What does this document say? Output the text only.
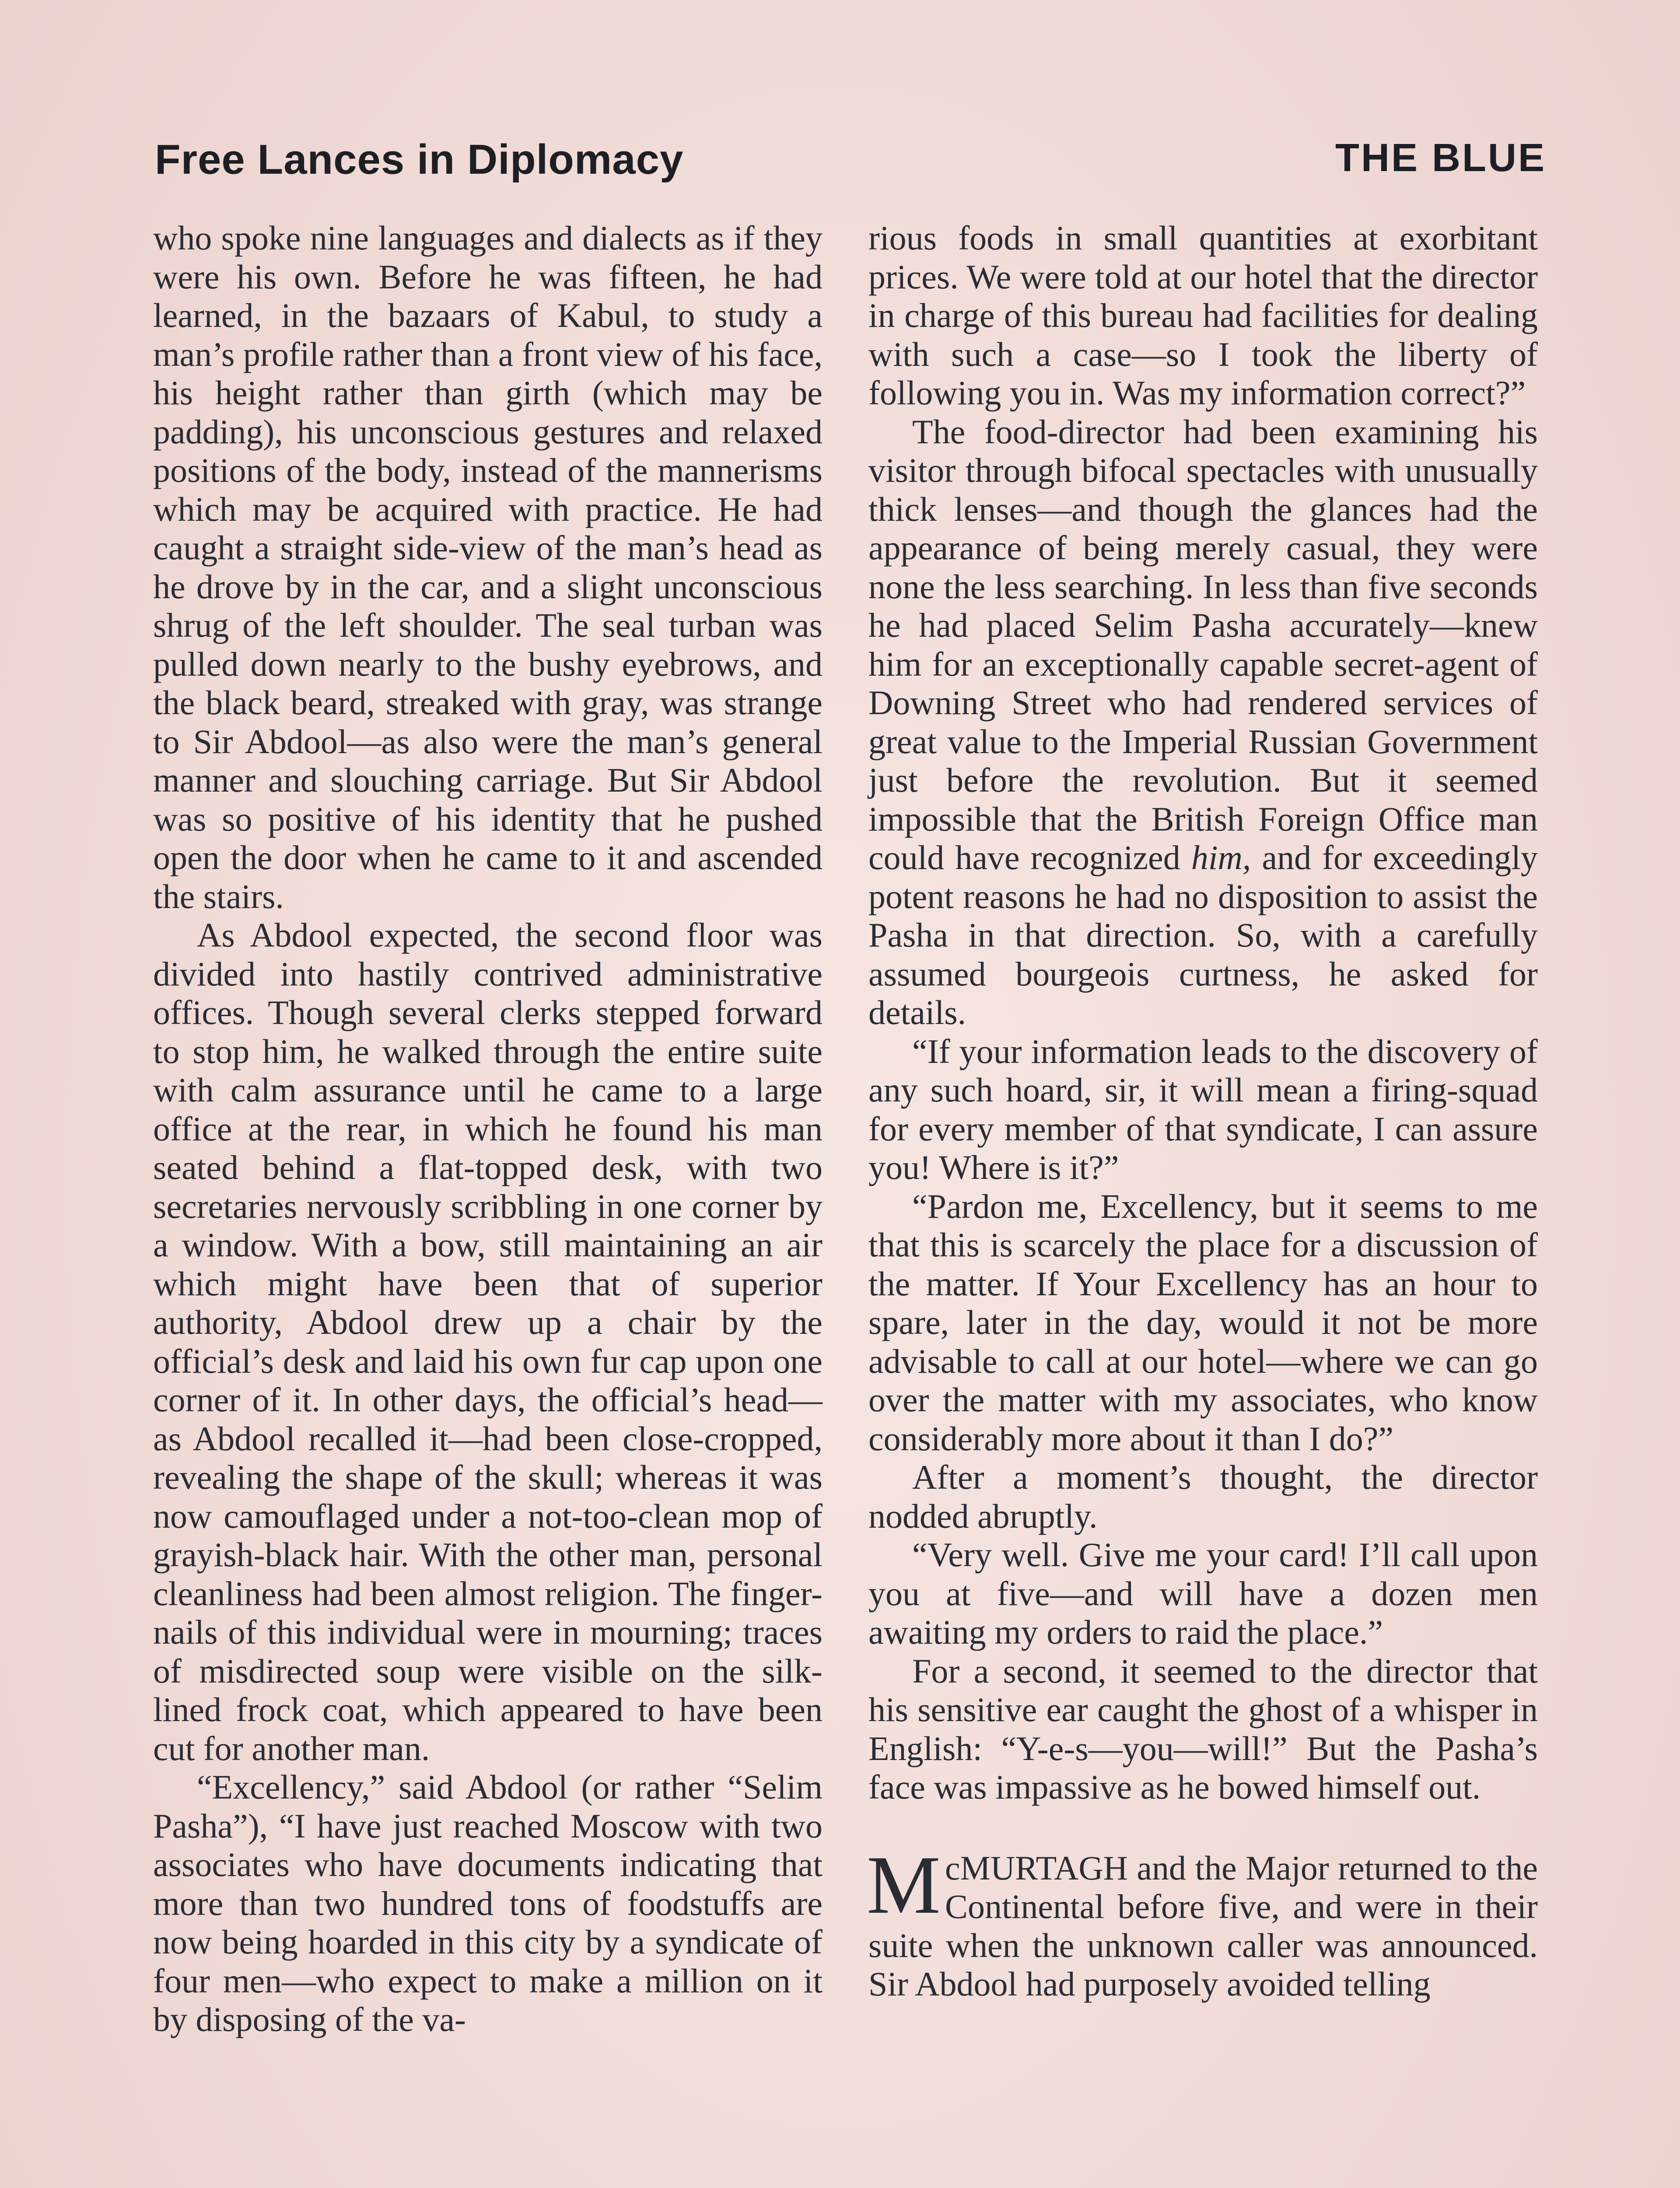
Free Lances in Diplomacy	THE BLUE

who spoke nine languages and dialects as if they were his own. Before he was fifteen, he had learned, in the bazaars of Kabul, to study a man’s profile rather than a front view of his face, his height rather than girth (which may be padding), his unconscious gestures and relaxed positions of the body, instead of the mannerisms which may be acquired with practice. He had caught a straight side-view of the man’s head as he drove by in the car, and a slight unconscious shrug of the left shoulder. The seal turban was pulled down nearly to the bushy eyebrows, and the black beard, streaked with gray, was strange to Sir Abdool—as also were the man’s general manner and slouching carriage. But Sir Abdool was so positive of his identity that he pushed open the door when he came to it and ascended the stairs.

As Abdool expected, the second floor was divided into hastily contrived administrative offices. Though several clerks stepped forward to stop him, he walked through the entire suite with calm assurance until he came to a large office at the rear, in which he found his man seated behind a flat-topped desk, with two secretaries nervously scribbling in one corner by a window. With a bow, still maintaining an air which might have been that of superior authority, Abdool drew up a chair by the official’s desk and laid his own fur cap upon one corner of it. In other days, the official’s head—as Abdool recalled it—had been close-cropped, revealing the shape of the skull; whereas it was now camouflaged under a not-too-clean mop of grayish-black hair. With the other man, personal cleanliness had been almost religion. The finger-nails of this individual were in mourning; traces of misdirected soup were visible on the silk-lined frock coat, which appeared to have been cut for another man.

“Excellency,” said Abdool (or rather “Selim Pasha”), “I have just reached Moscow with two associates who have documents indicating that more than two hundred tons of foodstuffs are now being hoarded in this city by a syndicate of four men—who expect to make a million on it by disposing of the va-

rious foods in small quantities at exorbitant prices. We were told at our hotel that the director in charge of this bureau had facilities for dealing with such a case—so I took the liberty of following you in. Was my information correct?”

The food-director had been examining his visitor through bifocal spectacles with unusually thick lenses—and though the glances had the appearance of being merely casual, they were none the less searching. In less than five seconds he had placed Selim Pasha accurately—knew him for an exceptionally capable secret-agent of Downing Street who had rendered services of great value to the Imperial Russian Government just before the revolution. But it seemed impossible that the British Foreign Office man could have recognized him, and for exceedingly potent reasons he had no disposition to assist the Pasha in that direction. So, with a carefully assumed bourgeois curtness, he asked for details.

“If your information leads to the discovery of any such hoard, sir, it will mean a firing-squad for every member of that syndicate, I can assure you! Where is it?”

“Pardon me, Excellency, but it seems to me that this is scarcely the place for a discussion of the matter. If Your Excellency has an hour to spare, later in the day, would it not be more advisable to call at our hotel—where we can go over the matter with my associates, who know considerably more about it than I do?”

After a moment’s thought, the director nodded abruptly.

“Very well. Give me your card! I’ll call upon you at five—and will have a dozen men awaiting my orders to raid the place.”

For a second, it seemed to the director that his sensitive ear caught the ghost of a whisper in English: “Y-e-s—you—will!” But the Pasha’s face was impassive as he bowed himself out.

McMURTAGH and the Major returned to the Continental before five, and were in their suite when the unknown caller was announced. Sir Abdool had purposely avoided telling
